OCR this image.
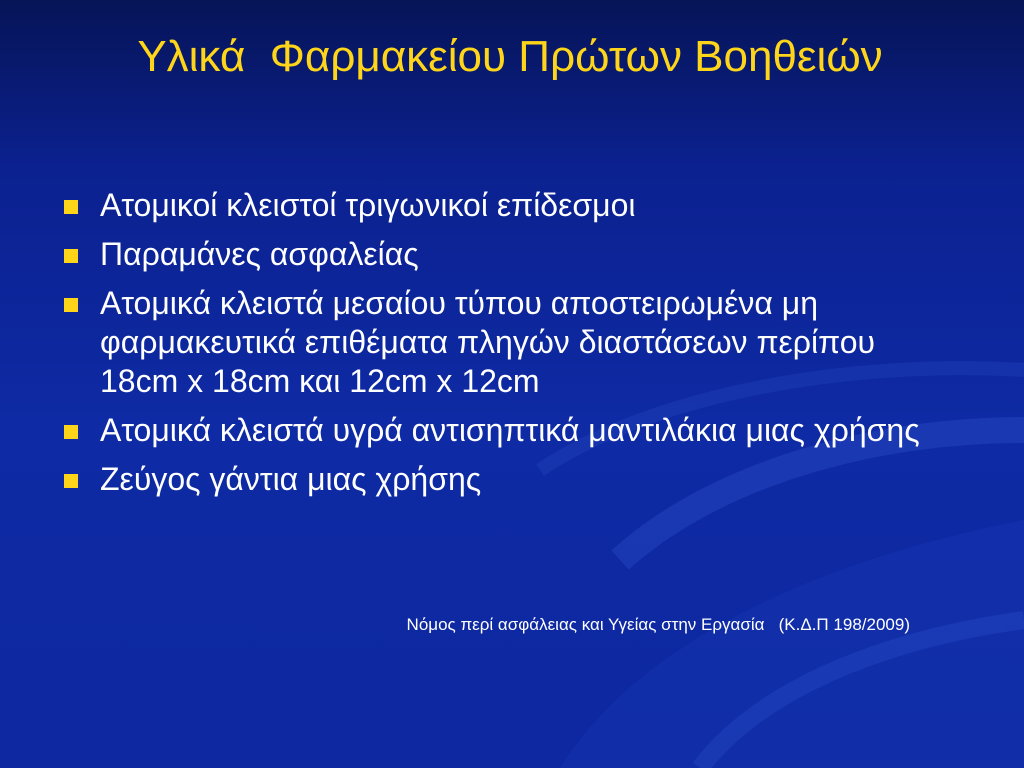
Υλικά  Φαρμακείου Πρώτων Βοηθειών
Ατομικοί κλειστοί τριγωνικοί επίδεσμοι
Παραμάνες ασφαλείας
Ατομικά κλειστά μεσαίου τύπου αποστειρωμένα μη φαρμακευτικά επιθέματα πληγών διαστάσεων περίπου 18cm x 18cm και 12cm x 12cm
Ατομικά κλειστά υγρά αντισηπτικά μαντιλάκια μιας χρήσης
Ζεύγος γάντια μιας χρήσης
Νόμος περί ασφάλειας και Υγείας στην Εργασία   (Κ.Δ.Π 198/2009)
